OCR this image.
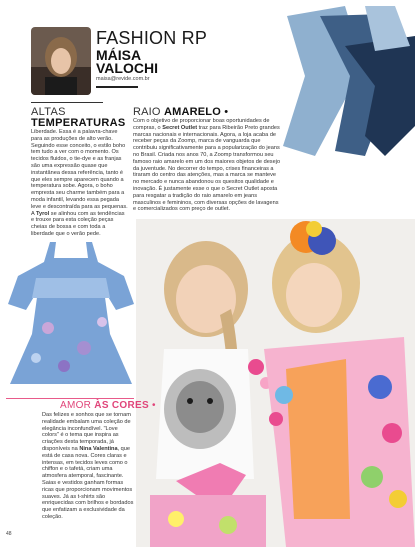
FASHION RP
MÁISA
VALOCHI
maisa@revide.com.br
ALTAS
TEMPERATURAS
Liberdade. Essa é a palavra-chave para as produções de alto verão. Seguindo esse conceito, o estilo boho tem tudo a ver com o momento. Os tecidos fluidos, o tie-dye e as franjas são uma expressão quase que instantânea dessa referência, tanto é que eles sempre aparecem quando a temperatura sobe. Agora, o boho empresta seu charme também para a moda infantil, levando essa pegada leve e descontraída para as pequenas. A Tyrol se alinhou com as tendências e trouxe para esta coleção peças cheias de bossa e com toda a liberdade que o verão pede.
RAIO AMARELO •
Com o objetivo de proporcionar boas oportunidades de compras, o Secret Outlet traz para Ribeirão Preto grandes marcas nacionais e internacionais. Agora, a loja acaba de receber peças da Zoomp, marca de vanguarda que contribuiu significativamente para a popularização do jeans no Brasil. Criada nos anos 70, a Zoomp transformou seu famoso raio amarelo em um dos maiores objetos de desejo da juventude. No decorrer do tempo, crises financeiras a tiraram do centro das atenções, mas a marca se manteve no mercado e nunca abandonou os quesitos qualidade e inovação. É justamente esse o que o Secret Outlet aposta para resgatar a tradição do raio amarelo em jeans masculinos e femininos, com diversas opções de lavagens e comercializados com preço de outlet.
AMOR ÀS CORES •
Das felizes e sonhos que se tornam realidade embalam uma coleção de elegância inconfundível. "Love colors" é o tema que inspira as criações desta temporada, já disponíveis na Nina Valentina, que está de casa nova. Cores claras e intensas, em tecidos leves como o chiffon e o tafetá, criam uma atmosfera atemporal, fascinante. Saias e vestidos ganham formas ricas que proporcionam movimentos suaves. Já as t-shirts são enriquecidas com brilhos e bordados que enfatizam a exclusividade da coleção.
48
